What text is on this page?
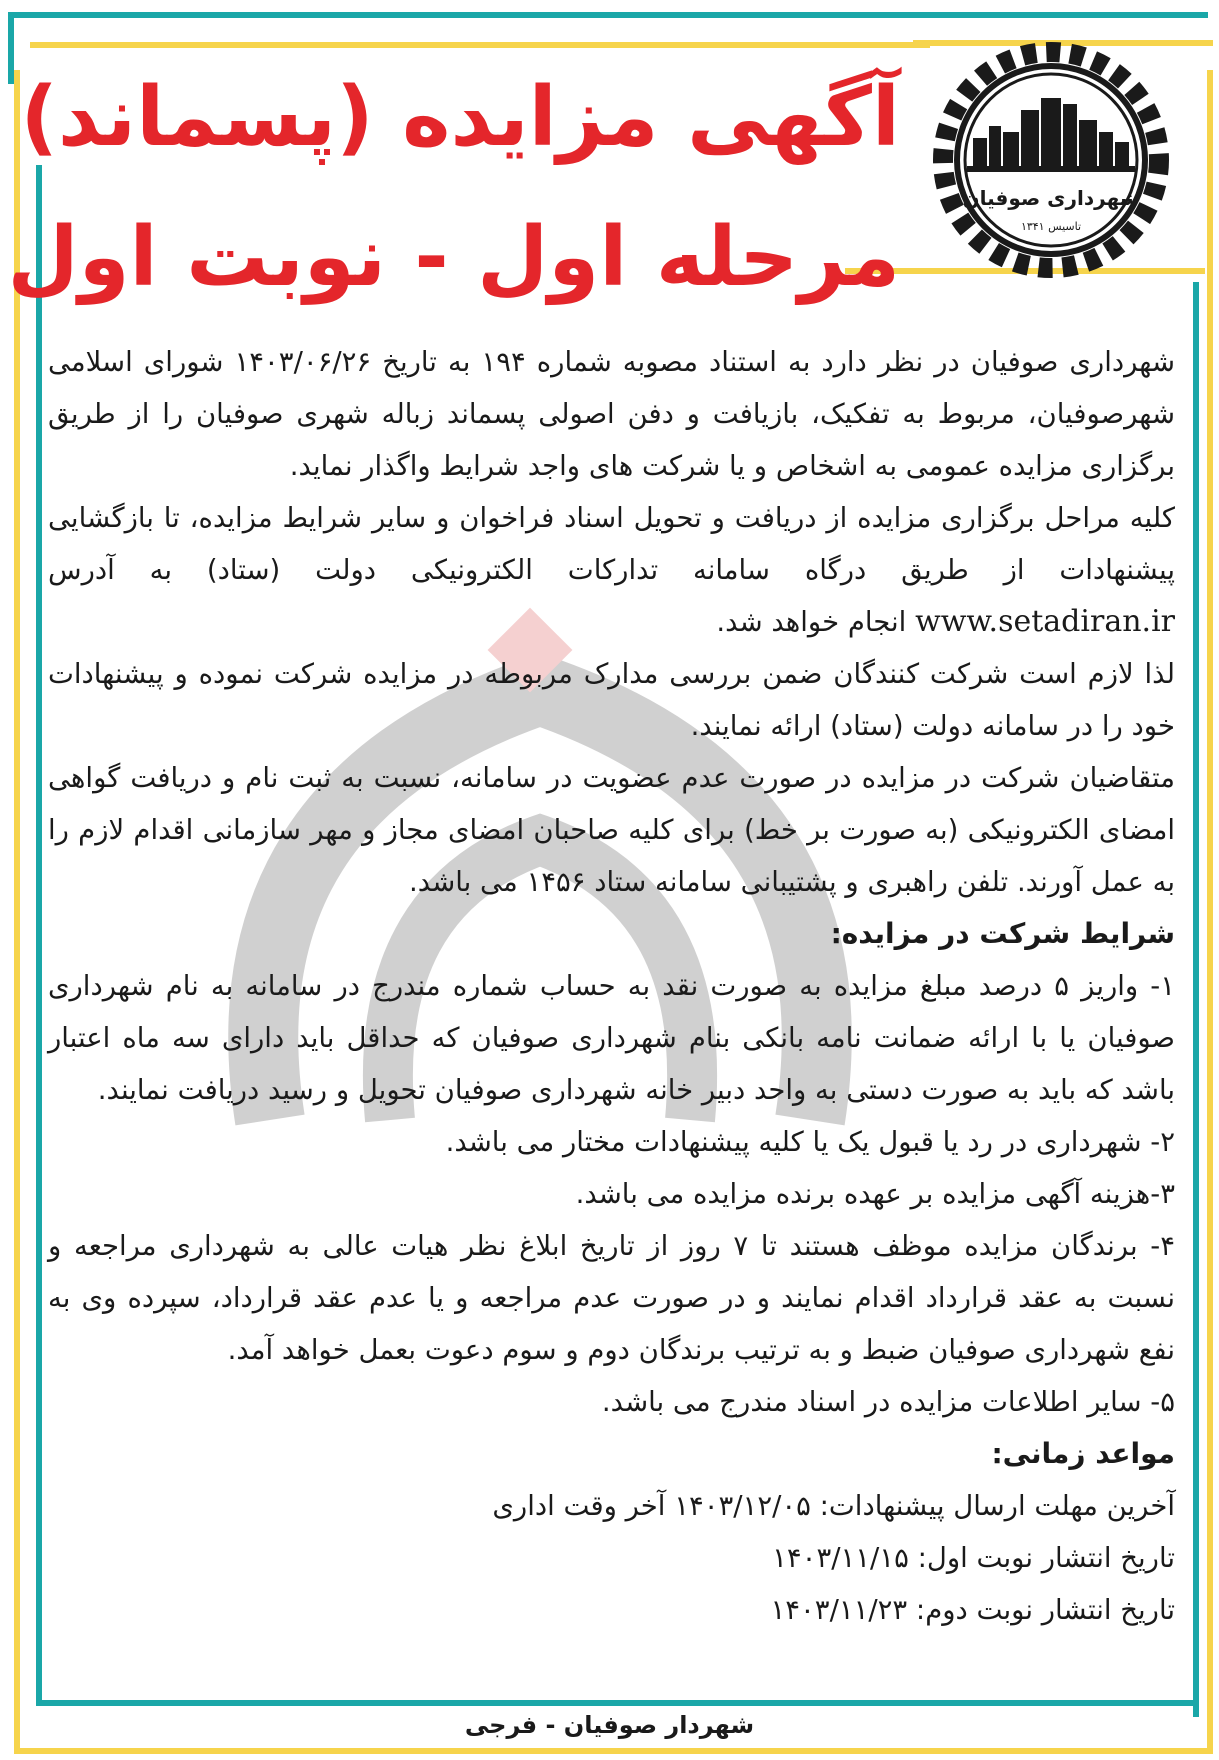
شهرداری صوفیان
تاسیس ۱۳۴۱
آگهی مزایده (پسماند)
مرحله اول - نوبت اول

شهرداری صوفیان در نظر دارد به استناد مصوبه شماره ۱۹۴ به تاریخ ۱۴۰۳/۰۶/۲۶ شورای اسلامی شهرصوفیان، مربوط به تفکیک، بازیافت و دفن اصولی پسماند زباله شهری صوفیان را از طریق برگزاری مزایده عمومی به اشخاص و یا شرکت های واجد شرایط واگذار نماید.

کلیه مراحل برگزاری مزایده از دریافت و تحویل اسناد فراخوان و سایر شرایط مزایده، تا بازگشایی پیشنهادات از طریق درگاه سامانه تدارکات الکترونیکی دولت (ستاد) به آدرس www.setadiran.ir انجام خواهد شد.

لذا لازم است شرکت کنندگان ضمن بررسی مدارک مربوطه در مزایده شرکت نموده و پیشنهادات خود را در سامانه دولت (ستاد) ارائه نمایند.

متقاضیان شرکت در مزایده در صورت عدم عضویت در سامانه، نسبت به ثبت نام و دریافت گواهی امضای الکترونیکی (به صورت بر خط) برای کلیه صاحبان امضای مجاز و مهر سازمانی اقدام لازم را به عمل آورند. تلفن راهبری و پشتیبانی سامانه ستاد ۱۴۵۶ می باشد.

شرایط شرکت در مزایده:

۱- واریز ۵ درصد مبلغ مزایده به صورت نقد به حساب شماره مندرج در سامانه به نام شهرداری صوفیان یا با ارائه ضمانت نامه بانکی بنام شهرداری صوفیان که حداقل باید دارای سه ماه اعتبار باشد که باید به صورت دستی به واحد دبیر خانه شهرداری صوفیان تحویل و رسید دریافت نمایند.

۲- شهرداری در رد یا قبول یک یا کلیه پیشنهادات مختار می باشد.

۳-هزینه آگهی مزایده بر عهده برنده مزایده می باشد.

۴- برندگان مزایده موظف هستند تا ۷ روز از تاریخ ابلاغ نظر هیات عالی به شهرداری مراجعه و نسبت به عقد قرارداد اقدام نمایند و در صورت عدم مراجعه و یا عدم عقد قرارداد، سپرده وی به نفع شهرداری صوفیان ضبط و به ترتیب برندگان دوم و سوم دعوت بعمل خواهد آمد.

۵- سایر اطلاعات مزایده در اسناد مندرج می باشد.

مواعد زمانی:

آخرین مهلت ارسال پیشنهادات: ۱۴۰۳/۱۲/۰۵ آخر وقت اداری

تاریخ انتشار نوبت اول: ۱۴۰۳/۱۱/۱۵

تاریخ انتشار نوبت دوم: ۱۴۰۳/۱۱/۲۳

شهردار صوفیان - فرجی
